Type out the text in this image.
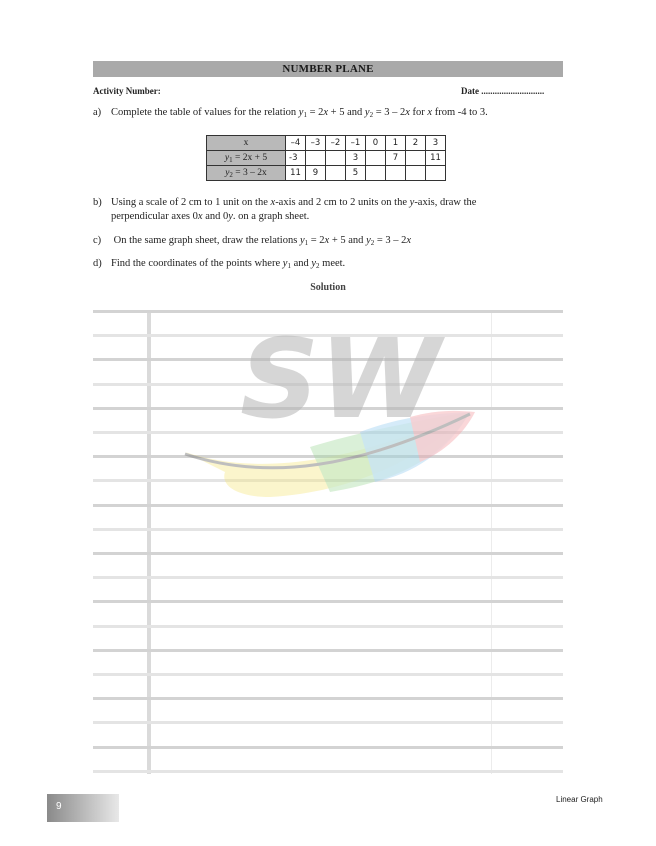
NUMBER PLANE
Activity Number:	Date ............................
a) Complete the table of values for the relation $y_1 = 2x + 5$ and $y_2 = 3 - 2x$ for x from -4 to 3.
x	–4	–3	–2	–1	0	1	2	3
$y_1 = 2x + 5$	-3			3		7		11
$y_2 = 3 - 2x$	11	9		5				
b) Using a scale of 2 cm to 1 unit on the x-axis and 2 cm to 2 units on the y-axis, draw the
perpendicular axes 0x and 0y. on a graph sheet.
c) On the same graph sheet, draw the relations $y_1 = 2x + 5$ and $y_2 = 3 - 2x$
d) Find the coordinates of the points where $y_1$ and $y_2$ meet.
Solution
SW
9
Linear Graph
